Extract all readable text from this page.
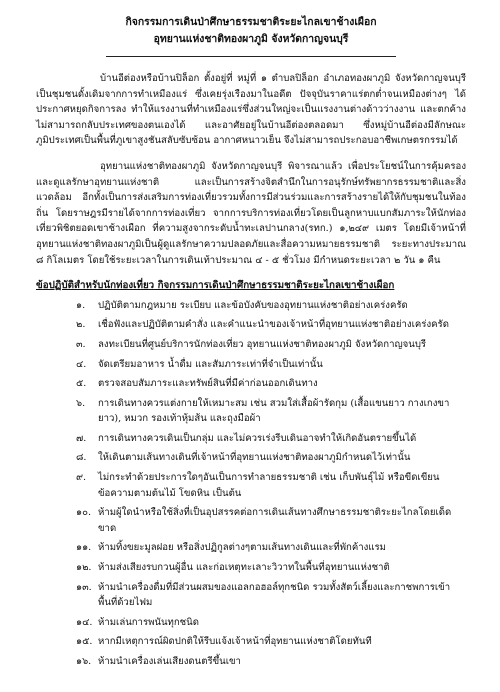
กิจกรรมการเดินป่าศึกษาธรรมชาติระยะไกลเขาช้างเผือก
อุทยานแห่งชาติทองผาภูมิ จังหวัดกาญจนบุรี

บ้านอีต่องหรือบ้านปิล็อก ตั้งอยู่ที่ หมู่ที่ ๑ ตำบลปิล็อก อำเภอทองผาภูมิ จังหวัดกาญจนบุรี เป็นชุมชนดั้งเดิมจากการทำเหมืองแร่ ซึ่งเคยรุ่งเรืองมาในอดีต ปัจจุบันราคาแร่ตกต่ำจนเหมืองต่างๆ ได้ประกาศหยุดกิจการลง ทำให้แรงงานที่ทำเหมืองแร่ซึ่งส่วนใหญ่จะเป็นแรงงานต่างด้าวว่างงาน และตกค้างไม่สามารถกลับประเทศของตนเองได้ และอาศัยอยู่ในบ้านอีต่องตลอดมา ซึ่งหมู่บ้านอีต่องมีลักษณะภูมิประเทศเป็นพื้นที่ภูเขาสูงชันสลับซับซ้อน อากาศหนาวเย็น จึงไม่สามารถประกอบอาชีพเกษตรกรรมได้

อุทยานแห่งชาติทองผาภูมิ จังหวัดกาญจนบุรี พิจารณาแล้ว เพื่อประโยชน์ในการคุ้มครองและดูแลรักษาอุทยานแห่งชาติ และเป็นการสร้างจิตสำนึกในการอนุรักษ์ทรัพยากรธรรมชาติและสิ่งแวดล้อม อีกทั้งเป็นการส่งเสริมการท่องเที่ยวรวมทั้งการมีส่วนร่วมและการสร้างรายได้ให้กับชุมชนในท้องถิ่น โดยราษฎรมีรายได้จากการท่องเที่ยว จากการบริการท่องเที่ยวโดยเป็นลูกหาบแบกสัมภาระให้นักท่องเที่ยวพิชิตยอดเขาช้างเผือก ที่ความสูงจากระดับน้ำทะเลปานกลาง(รทก.) ๑,๒๔๙ เมตร โดยมีเจ้าหน้าที่อุทยานแห่งชาติทองผาภูมิเป็นผู้ดูแลรักษาความปลอดภัยและสื่อความหมายธรรมชาติ ระยะทางประมาณ ๘ กิโลเมตร โดยใช้ระยะเวลาในการเดินเท้าประมาณ ๔ - ๕ ชั่วโมง มีกำหนดระยะเวลา ๒ วัน ๑ คืน

ข้อปฏิบัติสำหรับนักท่องเที่ยว กิจกรรมการเดินป่าศึกษาธรรมชาติระยะไกลเขาช้างเผือก
๑.	ปฏิบัติตามกฎหมาย ระเบียบ และข้อบังคับของอุทยานแห่งชาติอย่างเคร่งครัด
๒.	เชื่อฟังและปฏิบัติตามคำสั่ง และคำแนะนำของเจ้าหน้าที่อุทยานแห่งชาติอย่างเคร่งครัด
๓.	ลงทะเบียนที่ศูนย์บริการนักท่องเที่ยว อุทยานแห่งชาติทองผาภูมิ จังหวัดกาญจนบุรี
๔.	จัดเตรียมอาหาร น้ำดื่ม และสัมภาระเท่าที่จำเป็นเท่านั้น
๕.	ตรวจสอบสัมภาระและทรัพย์สินที่มีค่าก่อนออกเดินทาง
๖.	การเดินทางควรแต่งกายให้เหมาะสม เช่น สวมใส่เสื้อผ้ารัดกุม (เสื้อแขนยาว กางเกงขายาว), หมวก รองเท้าหุ้มส้น และถุงมือผ้า
๗.	การเดินทางควรเดินเป็นกลุ่ม และไม่ควรเร่งรีบเดินอาจทำให้เกิดอันตรายขึ้นได้
๘.	ให้เดินตามเส้นทางเดินที่เจ้าหน้าที่อุทยานแห่งชาติทองผาภูมิกำหนดไว้เท่านั้น
๙.	ไม่กระทำด้วยประการใดๆอันเป็นการทำลายธรรมชาติ เช่น เก็บพันธุ์ไม้ หรือขีดเขียนข้อความตามต้นไม้ โขดหิน เป็นต้น
๑๐. ห้ามผู้ใดนำหรือใช้สิ่งที่เป็นอุปสรรคต่อการเดินเส้นทางศึกษาธรรมชาติระยะไกลโดยเด็ดขาด
๑๑. ห้ามทิ้งขยะมูลฝอย หรือสิ่งปฏิกูลต่างๆตามเส้นทางเดินและที่พักค้างแรม
๑๒. ห้ามส่งเสียงรบกวนผู้อื่น และก่อเหตุทะเลาะวิวาทในพื้นที่อุทยานแห่งชาติ
๑๓. ห้ามนำเครื่องดื่มที่มีส่วนผสมของแอลกอฮอล์ทุกชนิด รวมทั้งสัตว์เลี้ยงและกาชพการเข้าพื้นที่ด้วยไฟม
๑๔. ห้ามเล่นการพนันทุกชนิด
๑๕. หากมีเหตุการณ์ผิดปกติให้รีบแจ้งเจ้าหน้าที่อุทยานแห่งชาติโดยทันที
๑๖. ห้ามนำเครื่องเล่นเสียงดนตรีขึ้นเขา
